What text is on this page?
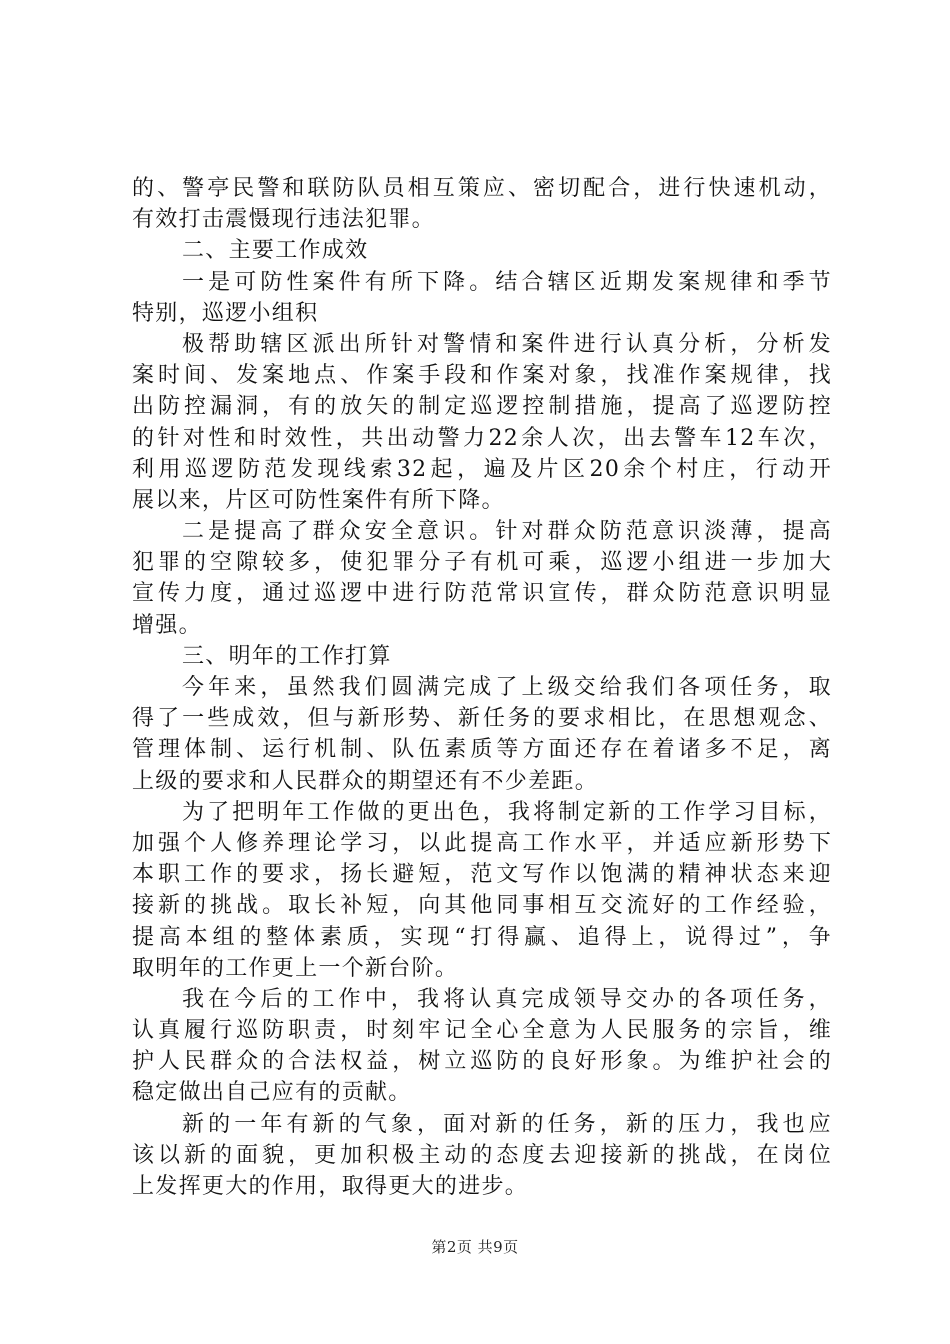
的、警亭民警和联防队员相互策应、密切配合，进行快速机动，
有效打击震慑现行违法犯罪。
二、主要工作成效
一是可防性案件有所下降。结合辖区近期发案规律和季节
特别，巡逻小组积
极帮助辖区派出所针对警情和案件进行认真分析，分析发
案时间、发案地点、作案手段和作案对象，找准作案规律，找
出防控漏洞，有的放矢的制定巡逻控制措施，提高了巡逻防控
的针对性和时效性，共出动警力22余人次，出去警车12车次，
利用巡逻防范发现线索32起，遍及片区20余个村庄，行动开
展以来，片区可防性案件有所下降。
二是提高了群众安全意识。针对群众防范意识淡薄，提高
犯罪的空隙较多，使犯罪分子有机可乘，巡逻小组进一步加大
宣传力度，通过巡逻中进行防范常识宣传，群众防范意识明显
增强。
三、明年的工作打算
今年来，虽然我们圆满完成了上级交给我们各项任务，取
得了一些成效，但与新形势、新任务的要求相比，在思想观念、
管理体制、运行机制、队伍素质等方面还存在着诸多不足，离
上级的要求和人民群众的期望还有不少差距。
为了把明年工作做的更出色，我将制定新的工作学习目标，
加强个人修养理论学习，以此提高工作水平，并适应新形势下
本职工作的要求，扬长避短，范文写作以饱满的精神状态来迎
接新的挑战。取长补短，向其他同事相互交流好的工作经验，
提高本组的整体素质，实现“打得赢、追得上，说得过”，争
取明年的工作更上一个新台阶。
我在今后的工作中，我将认真完成领导交办的各项任务，
认真履行巡防职责，时刻牢记全心全意为人民服务的宗旨，维
护人民群众的合法权益，树立巡防的良好形象。为维护社会的
稳定做出自己应有的贡献。
新的一年有新的气象，面对新的任务，新的压力，我也应
该以新的面貌，更加积极主动的态度去迎接新的挑战，在岗位
上发挥更大的作用，取得更大的进步。
第2页 共9页
